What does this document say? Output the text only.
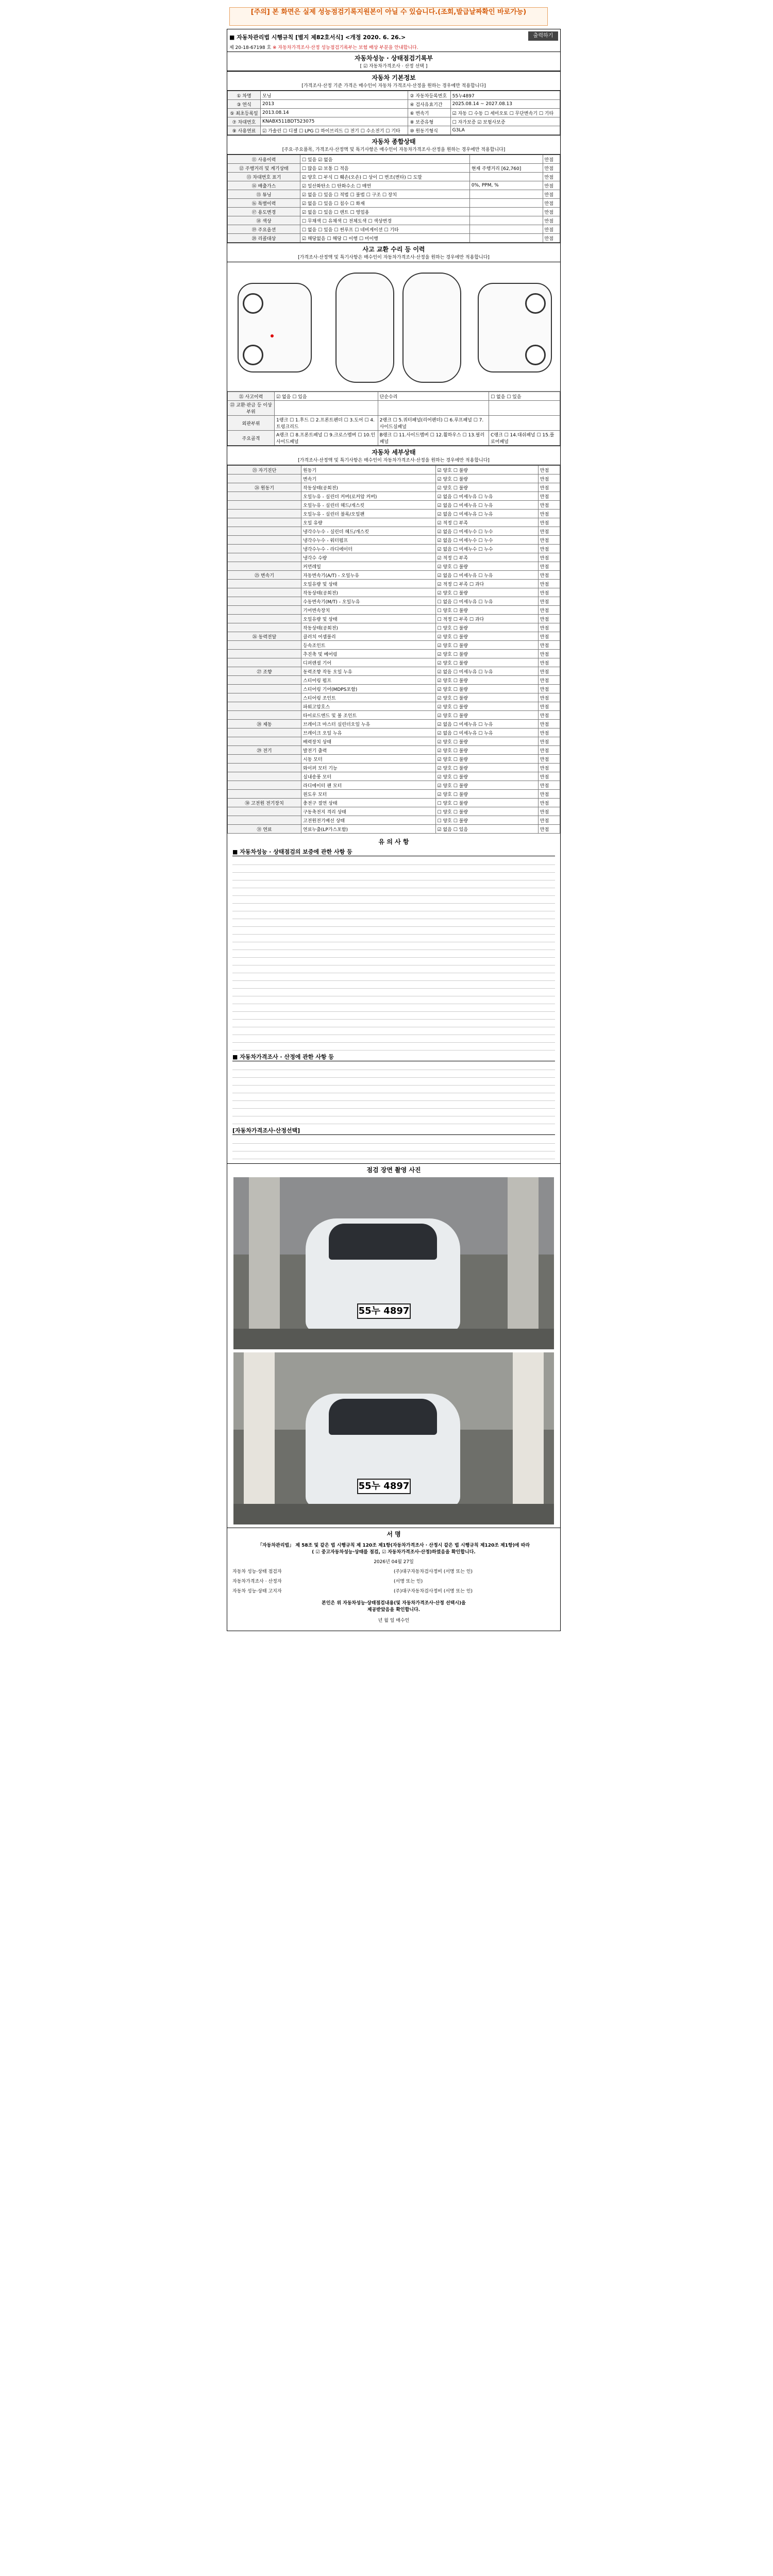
[주의] 본 화면은 실제 성능점검기록지원본이 아닐 수 있습니다.(조회,발급날짜확인 바로가능)
■ 자동차관리법 시행규칙 [별지 제82호서식] <개정 2020. 6. 26.>	출력하기
제 20-18-67198 호 ※ 자동차가격조사·산정 성능점검기록부는 보험 배상 부분을 안내합니다.
자동차성능 · 상태점검기록부
[ ☑ 자동차가격조사 · 산정 선택 ]
자동차 기본정보
[가격조사·산정 기준 가격은 매수인이 자동차 가격조사·산정을 원하는 경우에만 적용합니다]
① 차명	모닝	② 자동차등록번호	55누4897
③ 연식	2013	④ 검사유효기간	2025.08.14 ~ 2027.08.13
⑤ 최초등록일	2013.08.14	⑥ 변속기	☑ 자동 ☐ 수동 ☐ 세미오토 ☐ 무단변속기 ☐ 기타
⑦ 차대번호	KNABX511BDT523075	⑧ 보증유형	☐ 자가보증 ☑ 보험사보증
⑨ 사용연료	☑ 가솔린 ☐ 디젤 ☐ LPG ☐ 하이브리드 ☐ 전기 ☐ 수소전기 ☐ 기타	⑩ 원동기형식	G3LA
자동차 종합상태
[주요·주요품목, 가격조사·산정액 및 특기사항은 매수인이 자동차가격조사·산정을 원하는 경우에만 적용합니다]
⑪ 사용이력	☐ 있음 ☑ 없음		만점
⑫ 주행거리 및 계기상태	☐ 많음 ☑ 보통 ☐ 적음	현재 주행거리 [62,760]	만점
⑬ 차대번호 표기	☑ 양호 ☐ 부식 ☐ 훼손(오손) ☐ 상이 ☐ 변조(변타) ☐ 도말		만점
⑭ 배출가스	☑ 일산화탄소 ☐ 탄화수소 ☐ 매연	0%, PPM, %	만점
⑮ 튜닝	☑ 없음 ☐ 있음 ☐ 적법 ☐ 불법 ☐ 구조 ☐ 장치		만점
⑯ 특별이력	☑ 없음 ☐ 있음 ☐ 침수 ☐ 화재		만점
⑰ 용도변경	☑ 없음 ☐ 있음 ☐ 렌트 ☐ 영업용		만점
⑱ 색상	☐ 무채색 ☐ 유채색 ☐ 전체도색 ☐ 색상변경		만점
⑲ 주요옵션	☐ 없음 ☐ 있음 ☐ 썬루프 ☐ 네비게이션 ☐ 기타		만점
⑳ 리콜대상	☑ 해당없음 ☐ 해당 ☐ 이행 ☐ 미이행		만점
사고 교환 수리 등 이력
[가격조사·산정액 및 특기사항은 매수인이 자동차가격조사·산정을 원하는 경우에만 적용합니다]
㉑ 사고이력	☑ 없음 ☐ 있음	단순수리	☐ 없음 ☐ 있음
㉒ 교환·판금 등 이상 부위			
외판부위	1랭크 ☐ 1.후드 ☐ 2.프론트펜더 ☐ 3.도어 ☐ 4.트렁크리드	2랭크 ☐ 5.쿼터패널(리어펜더) ☐ 6.루프패널 ☐ 7.사이드실패널	
주요골격	A랭크 ☐ 8.프론트패널 ☐ 9.크로스멤버 ☐ 10.인사이드패널	B랭크 ☐ 11.사이드멤버 ☐ 12.휠하우스 ☐ 13.필러패널	C랭크 ☐ 14.대쉬패널 ☐ 15.플로어패널
자동차 세부상태
[가격조사·산정액 및 특기사항은 매수인이 자동차가격조사·산정을 원하는 경우에만 적용합니다]
㉓ 자기진단	원동기	☑ 양호 ☐ 불량	만점
	변속기	☑ 양호 ☐ 불량	만점
㉔ 원동기	작동상태(공회전)	☑ 양호 ☐ 불량	만점
	오일누유 - 실린더 커버(로커암 커버)	☑ 없음 ☐ 미세누유 ☐ 누유	만점
	오일누유 - 실린더 헤드/개스킷	☑ 없음 ☐ 미세누유 ☐ 누유	만점
	오일누유 - 실린더 블록/오일팬	☑ 없음 ☐ 미세누유 ☐ 누유	만점
	오일 유량	☑ 적정 ☐ 부족	만점
	냉각수누수 - 실린더 헤드/개스킷	☑ 없음 ☐ 미세누수 ☐ 누수	만점
	냉각수누수 - 워터펌프	☑ 없음 ☐ 미세누수 ☐ 누수	만점
	냉각수누수 - 라디에이터	☑ 없음 ☐ 미세누수 ☐ 누수	만점
	냉각수 수량	☑ 적정 ☐ 부족	만점
	커먼레일	☑ 양호 ☐ 불량	만점
㉕ 변속기	자동변속기(A/T) - 오일누유	☑ 없음 ☐ 미세누유 ☐ 누유	만점
	오일유량 및 상태	☑ 적정 ☐ 부족 ☐ 과다	만점
	작동상태(공회전)	☑ 양호 ☐ 불량	만점
	수동변속기(M/T) - 오일누유	☐ 없음 ☐ 미세누유 ☐ 누유	만점
	기어변속장치	☐ 양호 ☐ 불량	만점
	오일유량 및 상태	☐ 적정 ☐ 부족 ☐ 과다	만점
	작동상태(공회전)	☐ 양호 ☐ 불량	만점
㉖ 동력전달	클러치 어셈블리	☑ 양호 ☐ 불량	만점
	등속조인트	☑ 양호 ☐ 불량	만점
	추진축 및 베어링	☑ 양호 ☐ 불량	만점
	디퍼렌셜 기어	☑ 양호 ☐ 불량	만점
㉗ 조향	동력조향 작동 오일 누유	☑ 없음 ☐ 미세누유 ☐ 누유	만점
	스티어링 펌프	☑ 양호 ☐ 불량	만점
	스티어링 기어(MDPS포함)	☑ 양호 ☐ 불량	만점
	스티어링 조인트	☑ 양호 ☐ 불량	만점
	파워고압호스	☑ 양호 ☐ 불량	만점
	타이로드엔드 및 볼 조인트	☑ 양호 ☐ 불량	만점
㉘ 제동	브레이크 마스터 실린더오일 누유	☑ 없음 ☐ 미세누유 ☐ 누유	만점
	브레이크 오일 누유	☑ 없음 ☐ 미세누유 ☐ 누유	만점
	배력장치 상태	☑ 양호 ☐ 불량	만점
㉙ 전기	발전기 출력	☑ 양호 ☐ 불량	만점
	시동 모터	☑ 양호 ☐ 불량	만점
	와이퍼 모터 기능	☑ 양호 ☐ 불량	만점
	실내송풍 모터	☑ 양호 ☐ 불량	만점
	라디에이터 팬 모터	☑ 양호 ☐ 불량	만점
	윈도우 모터	☑ 양호 ☐ 불량	만점
㉚ 고전원 전기장치	충전구 절연 상태	☐ 양호 ☐ 불량	만점
	구동축전지 격리 상태	☐ 양호 ☐ 불량	만점
	고전원전기배선 상태	☐ 양호 ☐ 불량	만점
㉛ 연료	연료누출(LP가스포함)	☑ 없음 ☐ 있음	만점
유 의 사 항
■ 자동차성능 · 상태점검의 보증에 관한 사항 등
■ 자동차가격조사 · 산정에 관한 사항 등
[자동차가격조사·산정선택]
점검 장면 촬영 사진
55누 4897
55누 4897
서 명
「자동차관리법」 제 58조 및 같은 법 시행규칙 제 120조 제1항(자동차가격조사 · 산정시 같은 법 시행규칙 제120조 제1항)에 따라
( ☑ 중고자동차성능·상태를 점검, ☑ 자동차가격조사·산정)하였음을 확인합니다.
2026년 04월 27일
자동차 성능·상태 점검자	(주)대구자동차검사정비 (서명 또는 인)
자동차가격조사 · 산정자	(서명 또는 인)
자동차 성능·상태 고지자	(주)대구자동차검사정비 (서명 또는 인)
본인은 위 자동차성능·상태점검내용(및 자동차가격조사·산정 선택시)을
제공받았음을 확인합니다.
년 월 일 매수인
